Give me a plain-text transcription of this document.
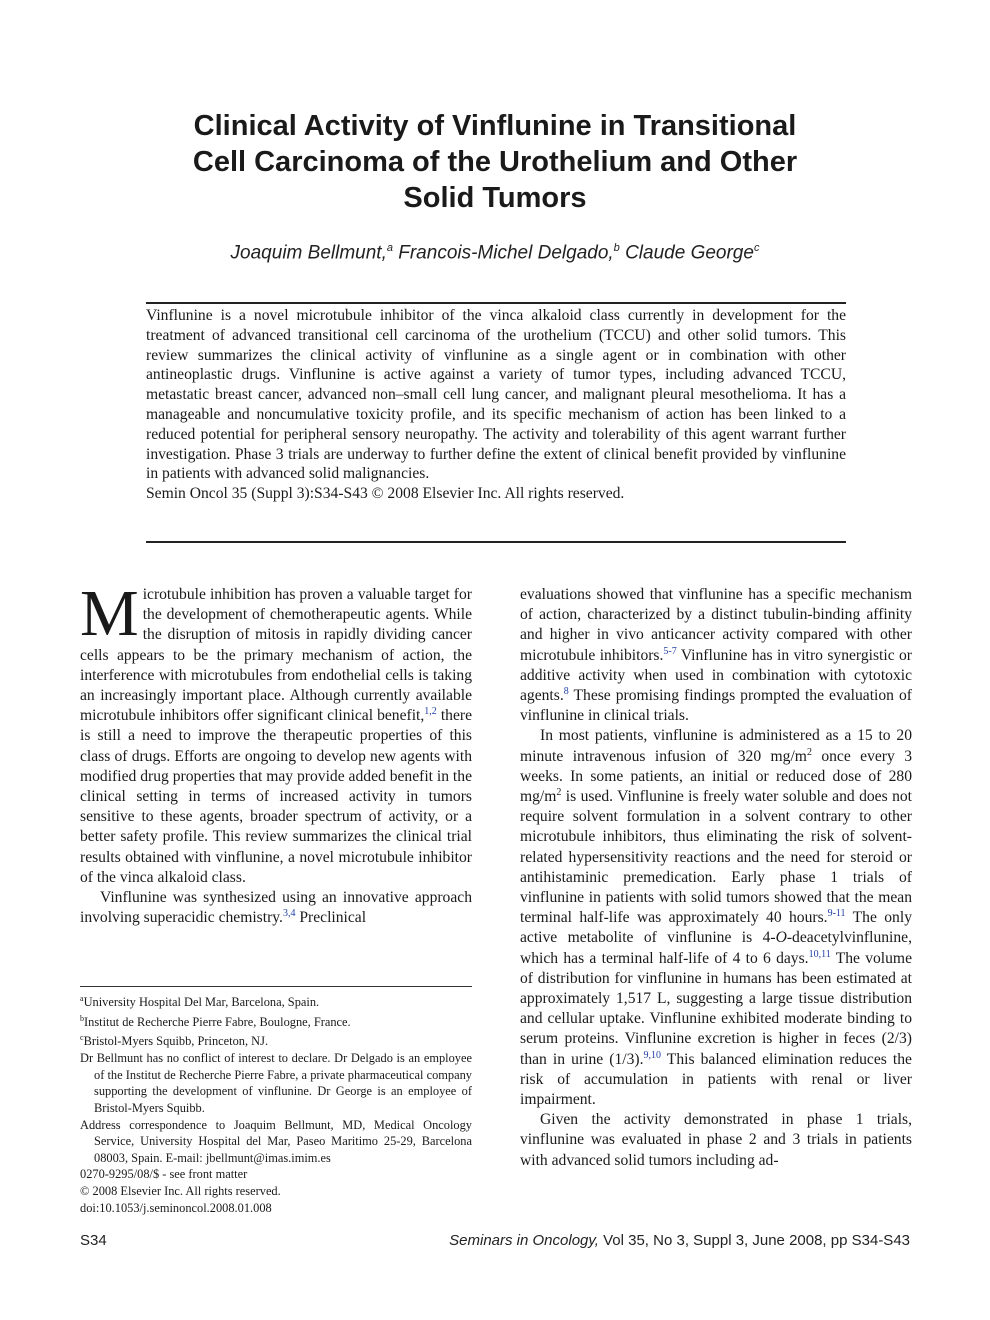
Clinical Activity of Vinflunine in Transitional
Cell Carcinoma of the Urothelium and Other
Solid Tumors
Joaquim Bellmunt,$^a$ Francois-Michel Delgado,$^b$ Claude George$^c$

Vinflunine is a novel microtubule inhibitor of the vinca alkaloid class currently in development for the treatment of advanced transitional cell carcinoma of the urothelium (TCCU) and other solid tumors. This review summarizes the clinical activity of vinflunine as a single agent or in combination with other antineoplastic drugs. Vinflunine is active against a variety of tumor types, including advanced TCCU, metastatic breast cancer, advanced non–small cell lung cancer, and malignant pleural mesothelioma. It has a manageable and noncumulative toxicity profile, and its specific mechanism of action has been linked to a reduced potential for peripheral sensory neuropathy. The activity and tolerability of this agent warrant further investigation. Phase 3 trials are underway to further define the extent of clinical benefit provided by vinflunine in patients with advanced solid malignancies.

Semin Oncol 35 (Suppl 3):S34-S43 © 2008 Elsevier Inc. All rights reserved.

Microtubule inhibition has proven a valuable target for the development of chemotherapeutic agents. While the disruption of mitosis in rapidly dividing cancer cells appears to be the primary mechanism of action, the interference with microtubules from endothelial cells is taking an increasingly important place. Although currently available microtubule inhibitors offer significant clinical benefit,$^{1,2}$ there is still a need to improve the therapeutic properties of this class of drugs. Efforts are ongoing to develop new agents with modified drug properties that may provide added benefit in the clinical setting in terms of increased activity in tumors sensitive to these agents, broader spectrum of activity, or a better safety profile. This review summarizes the clinical trial results obtained with vinflunine, a novel microtubule inhibitor of the vinca alkaloid class.

Vinflunine was synthesized using an innovative approach involving superacidic chemistry.$^{3,4}$ Preclinical

$^a$University Hospital Del Mar, Barcelona, Spain.

$^b$Institut de Recherche Pierre Fabre, Boulogne, France.

$^c$Bristol-Myers Squibb, Princeton, NJ.

Dr Bellmunt has no conflict of interest to declare. Dr Delgado is an employee of the Institut de Recherche Pierre Fabre, a private pharmaceutical company supporting the development of vinflunine. Dr George is an employee of Bristol-Myers Squibb.

Address correspondence to Joaquim Bellmunt, MD, Medical Oncology Service, University Hospital del Mar, Paseo Maritimo 25-29, Barcelona 08003, Spain. E-mail: jbellmunt@imas.imim.es

0270-9295/08/$ - see front matter

© 2008 Elsevier Inc. All rights reserved.

doi:10.1053/j.seminoncol.2008.01.008

evaluations showed that vinflunine has a specific mechanism of action, characterized by a distinct tubulin-binding affinity and higher in vivo anticancer activity compared with other microtubule inhibitors.$^{5-7}$ Vinflunine has in vitro synergistic or additive activity when used in combination with cytotoxic agents.$^8$ These promising findings prompted the evaluation of vinflunine in clinical trials.

In most patients, vinflunine is administered as a 15 to 20 minute intravenous infusion of 320 $mg/m^2$ once every 3 weeks. In some patients, an initial or reduced dose of 280 $mg/m^2$ is used. Vinflunine is freely water soluble and does not require solvent formulation in a solvent contrary to other microtubule inhibitors, thus eliminating the risk of solvent-related hypersensitivity reactions and the need for steroid or antihistaminic premedication. Early phase 1 trials of vinflunine in patients with solid tumors showed that the mean terminal half-life was approximately 40 hours.$^{9-11}$ The only active metabolite of vinflunine is 4-O-deacetylvinflunine, which has a terminal half-life of 4 to 6 days.$^{10,11}$ The volume of distribution for vinflunine in humans has been estimated at approximately 1,517 L, suggesting a large tissue distribution and cellular uptake. Vinflunine exhibited moderate binding to serum proteins. Vinflunine excretion is higher in feces (2/3) than in urine (1/3).$^{9,10}$ This balanced elimination reduces the risk of accumulation in patients with renal or liver impairment.

Given the activity demonstrated in phase 1 trials, vinflunine was evaluated in phase 2 and 3 trials in patients with advanced solid tumors including ad-

S34	Seminars in Oncology, Vol 35, No 3, Suppl 3, June 2008, pp S34-S43
